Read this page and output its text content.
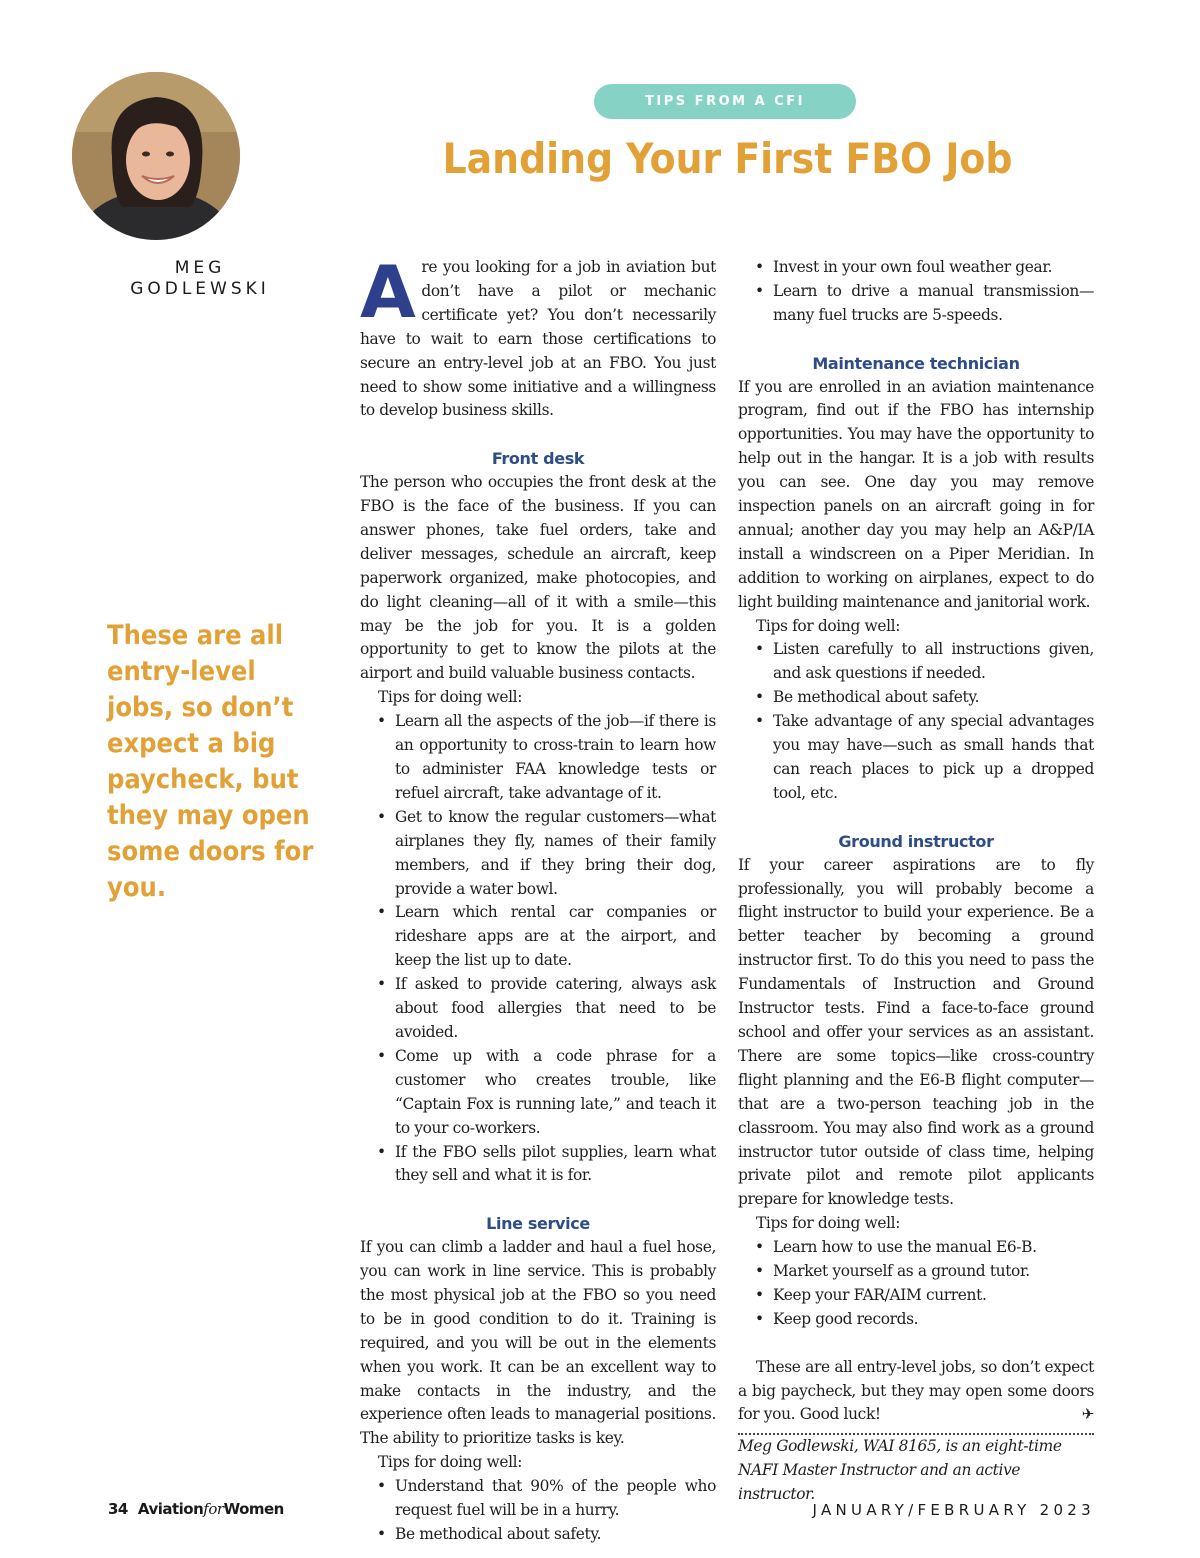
MEG
GODLEWSKI
TIPS FROM A CFI
Landing Your First FBO Job

These are all entry-level jobs, so don’t expect a big paycheck, but they may open some doors for you.

Are you looking for a job in aviation but don’t have a pilot or mechanic certificate yet? You don’t necessarily have to wait to earn those certifications to secure an entry-level job at an FBO. You just need to show some initiative and a willingness to develop business skills.

Front desk

The person who occupies the front desk at the FBO is the face of the business. If you can answer phones, take fuel orders, take and deliver messages, schedule an aircraft, keep paperwork organized, make photocopies, and do light cleaning—all of it with a smile—this may be the job for you. It is a golden opportunity to get to know the pilots at the airport and build valuable business contacts.

Tips for doing well:

• Learn all the aspects of the job—if there is an opportunity to cross-train to learn how to administer FAA knowledge tests or refuel aircraft, take advantage of it.
• Get to know the regular customers—what airplanes they fly, names of their family members, and if they bring their dog, provide a water bowl.
• Learn which rental car companies or rideshare apps are at the airport, and keep the list up to date.
• If asked to provide catering, always ask about food allergies that need to be avoided.
• Come up with a code phrase for a customer who creates trouble, like “Captain Fox is running late,” and teach it to your co-workers.
• If the FBO sells pilot supplies, learn what they sell and what it is for.
Line service

If you can climb a ladder and haul a fuel hose, you can work in line service. This is probably the most physical job at the FBO so you need to be in good condition to do it. Training is required, and you will be out in the elements when you work. It can be an excellent way to make contacts in the industry, and the experience often leads to managerial positions. The ability to prioritize tasks is key.

Tips for doing well:

• Understand that 90% of the people who request fuel will be in a hurry.
• Be methodical about safety.
• Invest in your own foul weather gear.
• Learn to drive a manual transmission—many fuel trucks are 5-speeds.
Maintenance technician

If you are enrolled in an aviation maintenance program, find out if the FBO has internship opportunities. You may have the opportunity to help out in the hangar. It is a job with results you can see. One day you may remove inspection panels on an aircraft going in for annual; another day you may help an A&P/IA install a windscreen on a Piper Meridian. In addition to working on airplanes, expect to do light building maintenance and janitorial work.

Tips for doing well:

• Listen carefully to all instructions given, and ask questions if needed.
• Be methodical about safety.
• Take advantage of any special advantages you may have—such as small hands that can reach places to pick up a dropped tool, etc.
Ground instructor

If your career aspirations are to fly professionally, you will probably become a flight instructor to build your experience. Be a better teacher by becoming a ground instructor first. To do this you need to pass the Fundamentals of Instruction and Ground Instructor tests. Find a face-to-face ground school and offer your services as an assistant. There are some topics—like cross-country flight planning and the E6-B flight computer—that are a two-person teaching job in the classroom. You may also find work as a ground instructor tutor outside of class time, helping private pilot and remote pilot applicants prepare for knowledge tests.

Tips for doing well:

• Learn how to use the manual E6-B.
• Market yourself as a ground tutor.
• Keep your FAR/AIM current.
• Keep good records.

These are all entry-level jobs, so don’t expect a big paycheck, but they may open some doors for you. Good luck!	✈

Meg Godlewski, WAI 8165, is an eight-time NAFI Master Instructor and an active instructor.

34 AviationforWomen	JANUARY/FEBRUARY 2023
